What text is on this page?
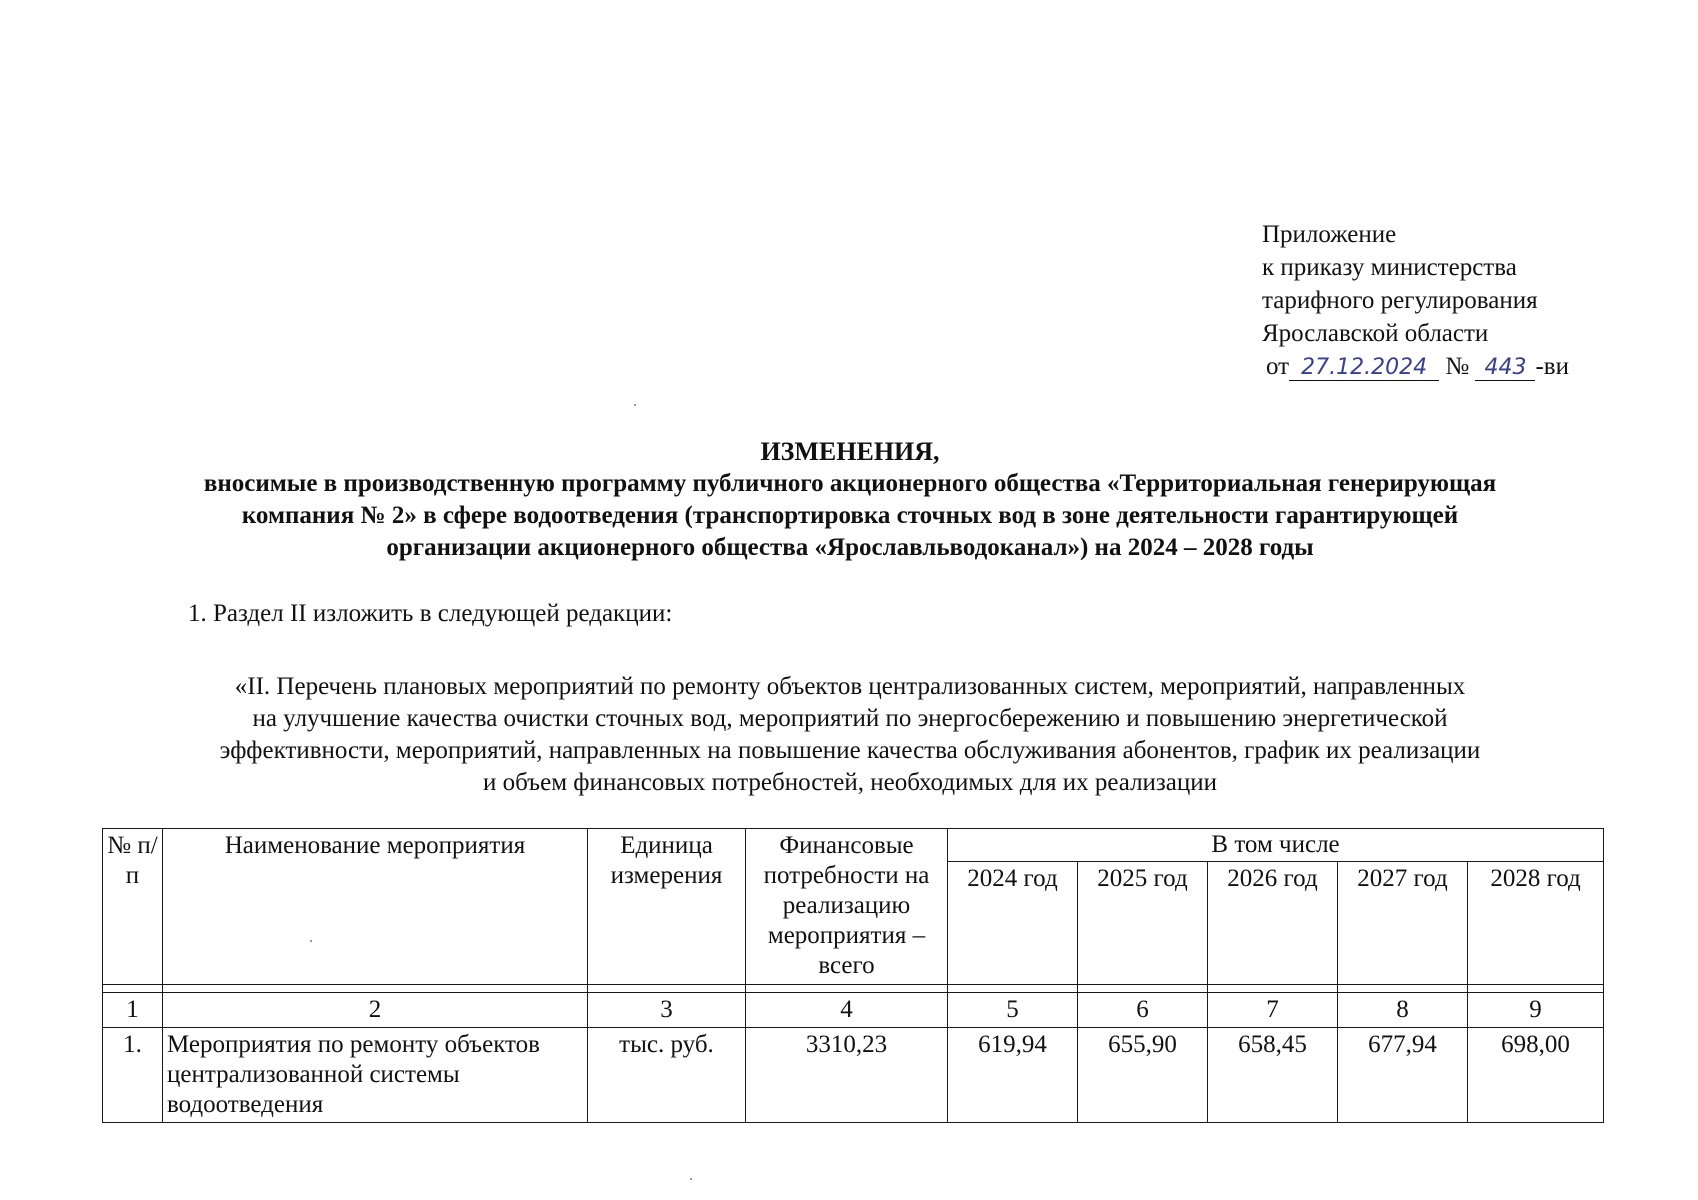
Приложение
к приказу министерства
тарифного регулирования
Ярославской области
от 27.12.2024 № 443 -ви
ИЗМЕНЕНИЯ,
вносимые в производственную программу публичного акционерного общества «Территориальная генерирующая
компания № 2» в сфере водоотведения (транспортировка сточных вод в зоне деятельности гарантирующей
организации акционерного общества «Ярославльводоканал») на 2024 – 2028 годы
1. Раздел II изложить в следующей редакции:
«II. Перечень плановых мероприятий по ремонту объектов централизованных систем, мероприятий, направленных
на улучшение качества очистки сточных вод, мероприятий по энергосбережению и повышению энергетической
эффективности, мероприятий, направленных на повышение качества обслуживания абонентов, график их реализации
и объем финансовых потребностей, необходимых для их реализации
№ п/п	Наименование мероприятия	Единица измерения	Финансовые потребности на реализацию мероприятия – всего	В том числе				
				2024 год	2025 год	2026 год	2027 год	2028 год

1	2	3	4	5	6	7	8	9
1.	Мероприятия по ремонту объектов централизованной системы водоотведения	тыс. руб.	3310,23	619,94	655,90	658,45	677,94	698,00
